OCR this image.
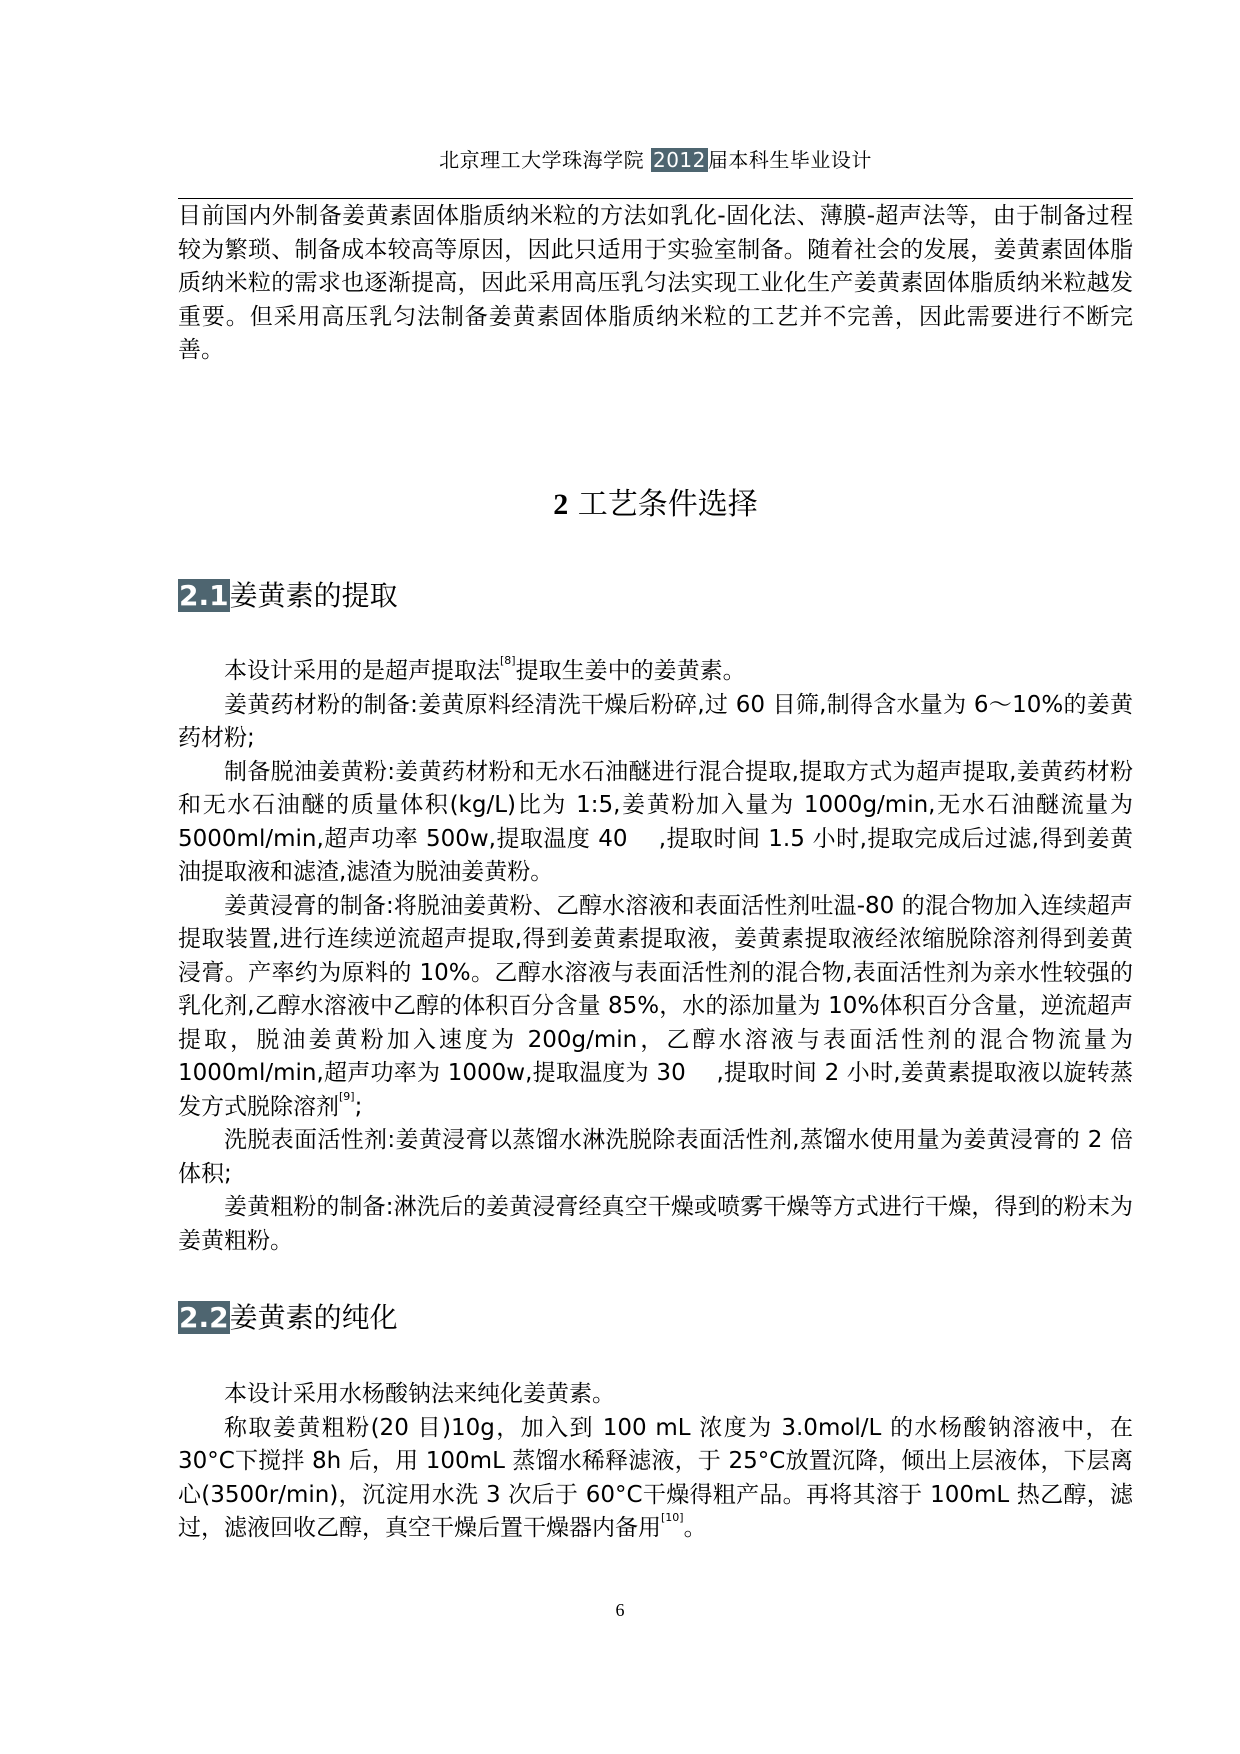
北京理工大学珠海学院 2012 届本科生毕业设计

目前国内外制备姜黄素固体脂质纳米粒的方法如乳化-固化法、薄膜-超声法等，由于制备过程较为繁琐、制备成本较高等原因，因此只适用于实验室制备。随着社会的发展，姜黄素固体脂质纳米粒的需求也逐渐提高，因此采用高压乳匀法实现工业化生产姜黄素固体脂质纳米粒越发重要。但采用高压乳匀法制备姜黄素固体脂质纳米粒的工艺并不完善，因此需要进行不断完善。

2 工艺条件选择
2.1姜黄素的提取

本设计采用的是超声提取法[8]提取生姜中的姜黄素。

姜黄药材粉的制备:姜黄原料经清洗干燥后粉碎,过 60 目筛,制得含水量为 6～10%的姜黄药材粉;

制备脱油姜黄粉:姜黄药材粉和无水石油醚进行混合提取,提取方式为超声提取,姜黄药材粉和无水石油醚的质量体积(kg/L)比为 1:5,姜黄粉加入量为 1000g/min,无水石油醚流量为 5000ml/min,超声功率 500w,提取温度 40 　,提取时间 1.5 小时,提取完成后过滤,得到姜黄油提取液和滤渣,滤渣为脱油姜黄粉。

姜黄浸膏的制备:将脱油姜黄粉、乙醇水溶液和表面活性剂吐温-80 的混合物加入连续超声提取装置,进行连续逆流超声提取,得到姜黄素提取液，姜黄素提取液经浓缩脱除溶剂得到姜黄浸膏。产率约为原料的 10%。乙醇水溶液与表面活性剂的混合物,表面活性剂为亲水性较强的乳化剂,乙醇水溶液中乙醇的体积百分含量 85%，水的添加量为 10%体积百分含量，逆流超声提取，脱油姜黄粉加入速度为 200g/min，乙醇水溶液与表面活性剂的混合物流量为 1000ml/min,超声功率为 1000w,提取温度为 30 　,提取时间 2 小时,姜黄素提取液以旋转蒸发方式脱除溶剂[9];

洗脱表面活性剂:姜黄浸膏以蒸馏水淋洗脱除表面活性剂,蒸馏水使用量为姜黄浸膏的 2 倍体积;

姜黄粗粉的制备:淋洗后的姜黄浸膏经真空干燥或喷雾干燥等方式进行干燥，得到的粉末为姜黄粗粉。

2.2姜黄素的纯化

本设计采用水杨酸钠法来纯化姜黄素。

称取姜黄粗粉(20 目)10g，加入到 100 mL 浓度为 3.0mol/L 的水杨酸钠溶液中，在 30°C下搅拌 8h 后，用 100mL 蒸馏水稀释滤液，于 25°C放置沉降，倾出上层液体，下层离心(3500r/min)，沉淀用水洗 3 次后于 60°C干燥得粗产品。再将其溶于 100mL 热乙醇，滤过，滤液回收乙醇，真空干燥后置干燥器内备用[10]。

6
